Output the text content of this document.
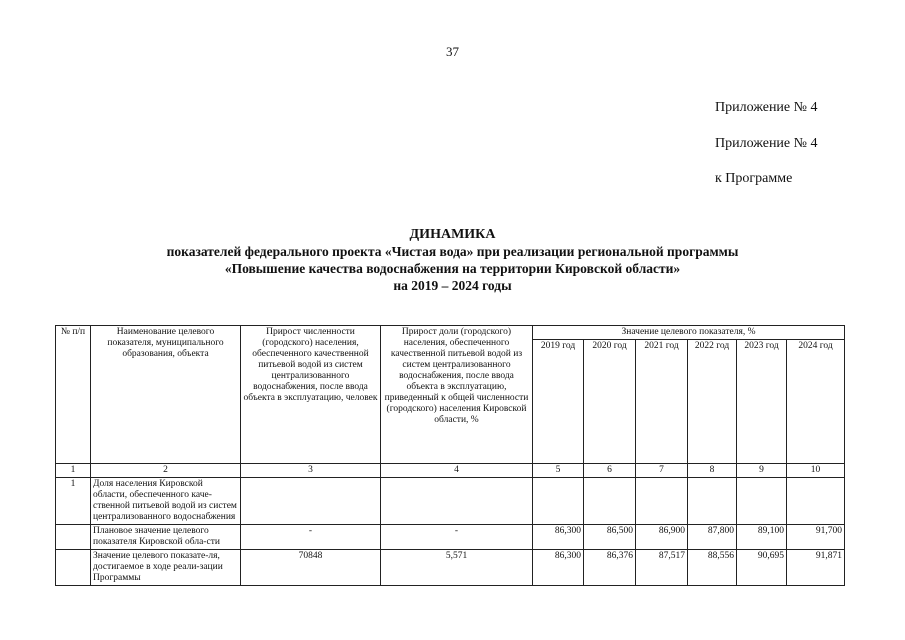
37
Приложение № 4
Приложение № 4
к Программе
ДИНАМИКА
показателей федерального проекта «Чистая вода» при реализации региональной программы
«Повышение качества водоснабжения на территории Кировской области»
на 2019 – 2024 годы
№ п/п	Наименование целевого показателя, муниципального образования, объекта	Прирост численности (городского) населения, обеспеченного качественной питьевой водой из систем централизованного водоснабжения, после ввода объекта в эксплуатацию, человек	Прирост доли (городского) населения, обеспеченного качественной питьевой водой из систем централизованного водоснабжения, после ввода объекта в эксплуатацию, приведенный к общей численности (городского) населения Кировской области, %	Значение целевого показателя, %					
				2019 год	2020 год	2021 год	2022 год	2023 год	2024 год
1	2	3	4	5	6	7	8	9	10
1	Доля населения Кировской области, обеспеченного каче-ственной питьевой водой из систем централизованного водоснабжения								
	Плановое значение целевого показателя Кировской обла-сти	-	-	86,300	86,500	86,900	87,800	89,100	91,700
	Значение целевого показате-ля, достигаемое в ходе реали-зации Программы	70848	5,571	86,300	86,376	87,517	88,556	90,695	91,871
